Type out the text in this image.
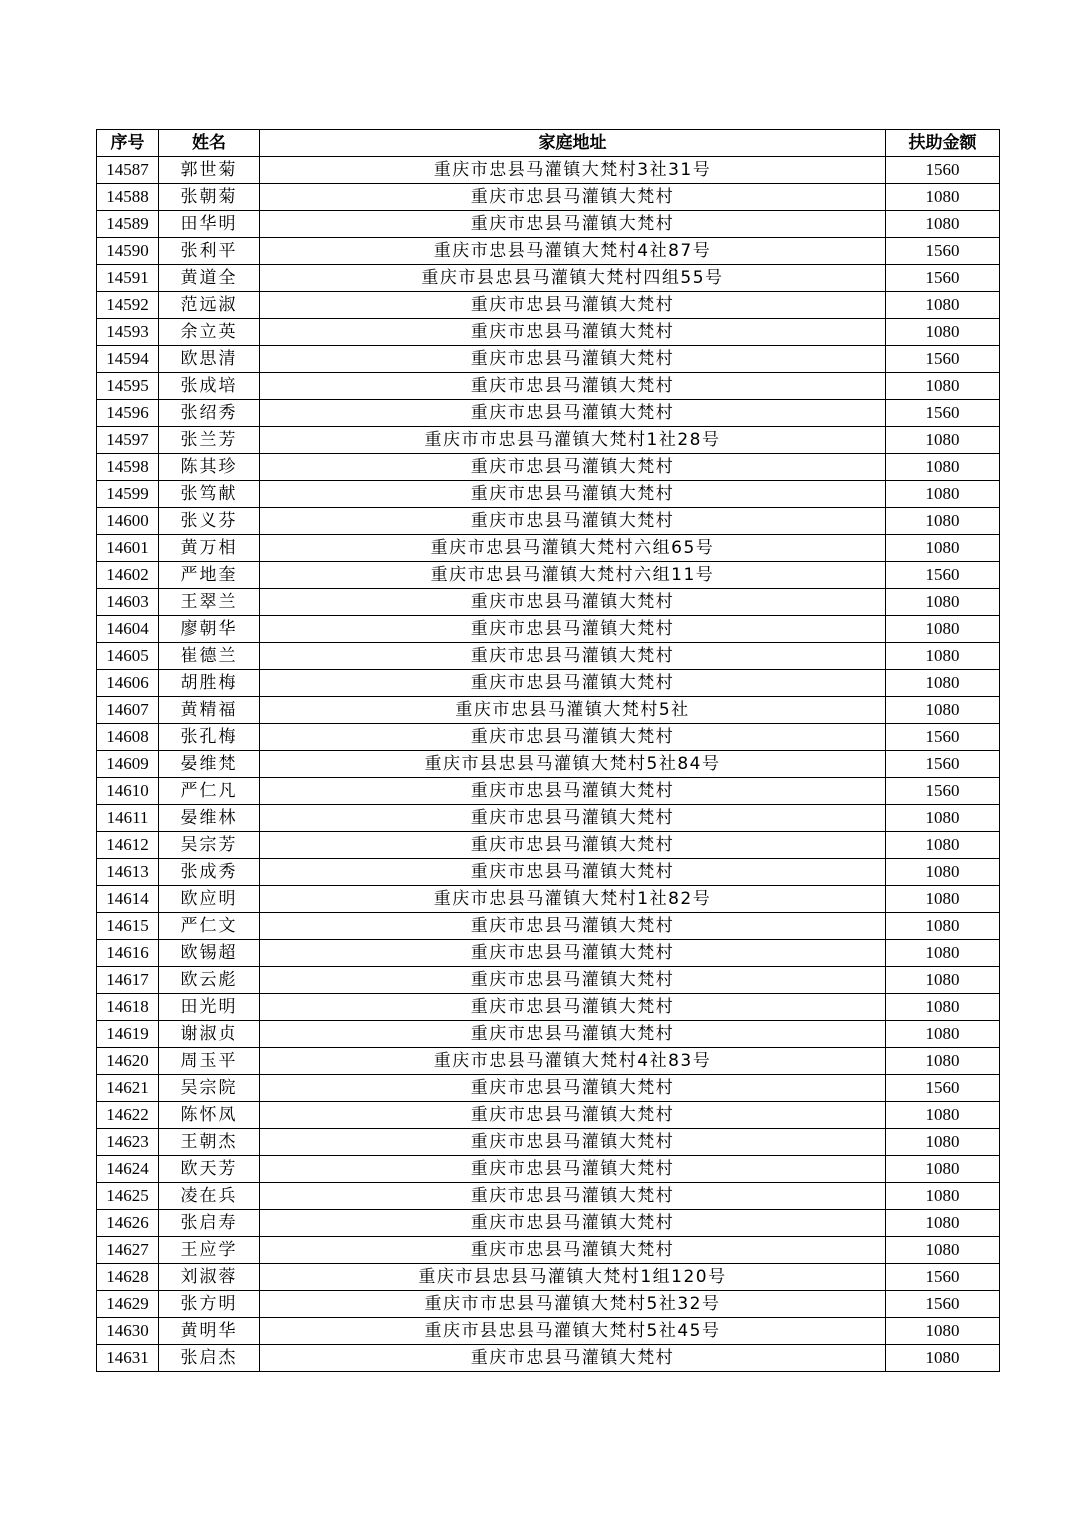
序号	姓名	家庭地址	扶助金额
14587	郭世菊	重庆市忠县马灌镇大梵村3社31号	1560
14588	张朝菊	重庆市忠县马灌镇大梵村	1080
14589	田华明	重庆市忠县马灌镇大梵村	1080
14590	张利平	重庆市忠县马灌镇大梵村4社87号	1560
14591	黄道全	重庆市县忠县马灌镇大梵村四组55号	1560
14592	范远淑	重庆市忠县马灌镇大梵村	1080
14593	余立英	重庆市忠县马灌镇大梵村	1080
14594	欧思清	重庆市忠县马灌镇大梵村	1560
14595	张成培	重庆市忠县马灌镇大梵村	1080
14596	张绍秀	重庆市忠县马灌镇大梵村	1560
14597	张兰芳	重庆市市忠县马灌镇大梵村1社28号	1080
14598	陈其珍	重庆市忠县马灌镇大梵村	1080
14599	张笃献	重庆市忠县马灌镇大梵村	1080
14600	张义芬	重庆市忠县马灌镇大梵村	1080
14601	黄万相	重庆市忠县马灌镇大梵村六组65号	1080
14602	严地奎	重庆市忠县马灌镇大梵村六组11号	1560
14603	王翠兰	重庆市忠县马灌镇大梵村	1080
14604	廖朝华	重庆市忠县马灌镇大梵村	1080
14605	崔德兰	重庆市忠县马灌镇大梵村	1080
14606	胡胜梅	重庆市忠县马灌镇大梵村	1080
14607	黄精福	重庆市忠县马灌镇大梵村5社	1080
14608	张孔梅	重庆市忠县马灌镇大梵村	1560
14609	晏维梵	重庆市县忠县马灌镇大梵村5社84号	1560
14610	严仁凡	重庆市忠县马灌镇大梵村	1560
14611	晏维林	重庆市忠县马灌镇大梵村	1080
14612	吴宗芳	重庆市忠县马灌镇大梵村	1080
14613	张成秀	重庆市忠县马灌镇大梵村	1080
14614	欧应明	重庆市忠县马灌镇大梵村1社82号	1080
14615	严仁文	重庆市忠县马灌镇大梵村	1080
14616	欧锡超	重庆市忠县马灌镇大梵村	1080
14617	欧云彪	重庆市忠县马灌镇大梵村	1080
14618	田光明	重庆市忠县马灌镇大梵村	1080
14619	谢淑贞	重庆市忠县马灌镇大梵村	1080
14620	周玉平	重庆市忠县马灌镇大梵村4社83号	1080
14621	吴宗院	重庆市忠县马灌镇大梵村	1560
14622	陈怀凤	重庆市忠县马灌镇大梵村	1080
14623	王朝杰	重庆市忠县马灌镇大梵村	1080
14624	欧天芳	重庆市忠县马灌镇大梵村	1080
14625	凌在兵	重庆市忠县马灌镇大梵村	1080
14626	张启寿	重庆市忠县马灌镇大梵村	1080
14627	王应学	重庆市忠县马灌镇大梵村	1080
14628	刘淑蓉	重庆市县忠县马灌镇大梵村1组120号	1560
14629	张方明	重庆市市忠县马灌镇大梵村5社32号	1560
14630	黄明华	重庆市县忠县马灌镇大梵村5社45号	1080
14631	张启杰	重庆市忠县马灌镇大梵村	1080
